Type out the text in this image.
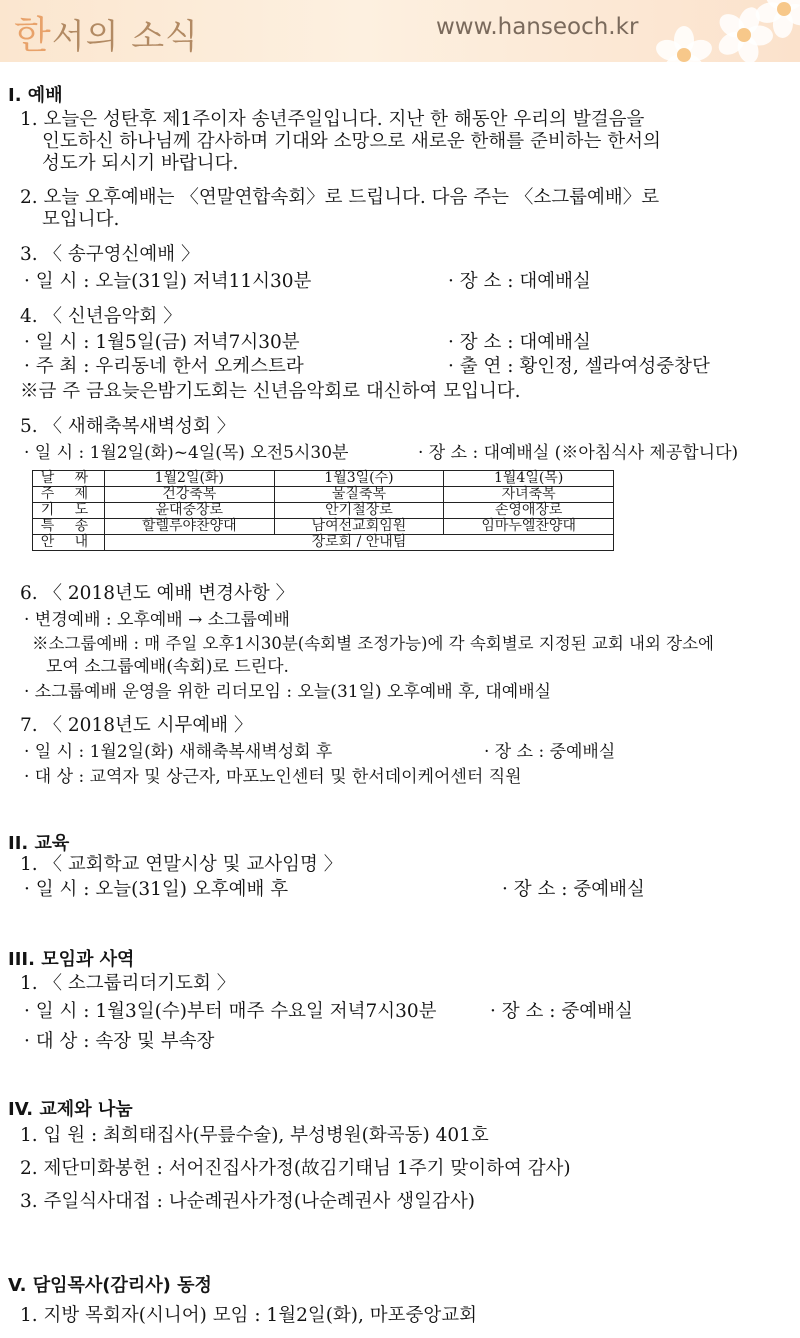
한서의 소식	www.hanseoch.kr
I. 예배
1. 오늘은 성탄후 제1주이자 송년주일입니다. 지난 한 해동안 우리의 발걸음을
인도하신 하나님께 감사하며 기대와 소망으로 새로운 한해를 준비하는 한서의
성도가 되시기 바랍니다.
2. 오늘 오후예배는 〈연말연합속회〉로 드립니다. 다음 주는 〈소그룹예배〉로
모입니다.
3. 〈 송구영신예배 〉
· 일 시 : 오늘(31일) 저녁11시30분	· 장 소 : 대예배실
4. 〈 신년음악회 〉
· 일 시 : 1월5일(금) 저녁7시30분	· 장 소 : 대예배실
· 주 최 : 우리동네 한서 오케스트라	· 출 연 : 황인정, 셀라여성중창단
※금 주 금요늦은밤기도회는 신년음악회로 대신하여 모입니다.
5. 〈 새해축복새벽성회 〉
· 일 시 : 1월2일(화)~4일(목) 오전5시30분	· 장 소 : 대예배실 (※아침식사 제공합니다)
날 짜	1월2일(화)	1월3일(수)	1월4일(목)
주 제	건강축복	물질축복	자녀축복
기 도	윤대중장로	안기철장로	손영애장로
특 송	할렐루야찬양대	남여선교회임원	임마누엘찬양대
안 내	장로회 / 안내팀		
6. 〈 2018년도 예배 변경사항 〉
· 변경예배 : 오후예배 → 소그룹예배
※소그룹예배 : 매 주일 오후1시30분(속회별 조정가능)에 각 속회별로 지정된 교회 내외 장소에
모여 소그룹예배(속회)로 드린다.
· 소그룹예배 운영을 위한 리더모임 : 오늘(31일) 오후예배 후, 대예배실
7. 〈 2018년도 시무예배 〉
· 일 시 : 1월2일(화) 새해축복새벽성회 후	· 장 소 : 중예배실
· 대 상 : 교역자 및 상근자, 마포노인센터 및 한서데이케어센터 직원
II. 교육
1. 〈 교회학교 연말시상 및 교사임명 〉
· 일 시 : 오늘(31일) 오후예배 후	· 장 소 : 중예배실
III. 모임과 사역
1. 〈 소그룹리더기도회 〉
· 일 시 : 1월3일(수)부터 매주 수요일 저녁7시30분	· 장 소 : 중예배실
· 대 상 : 속장 및 부속장
IV. 교제와 나눔
1. 입 원 : 최희태집사(무릎수술), 부성병원(화곡동) 401호
2. 제단미화봉헌 : 서어진집사가정(故김기태님 1주기 맞이하여 감사)
3. 주일식사대접 : 나순례권사가정(나순례권사 생일감사)
V. 담임목사(감리사) 동정
1. 지방 목회자(시니어) 모임 : 1월2일(화), 마포중앙교회
